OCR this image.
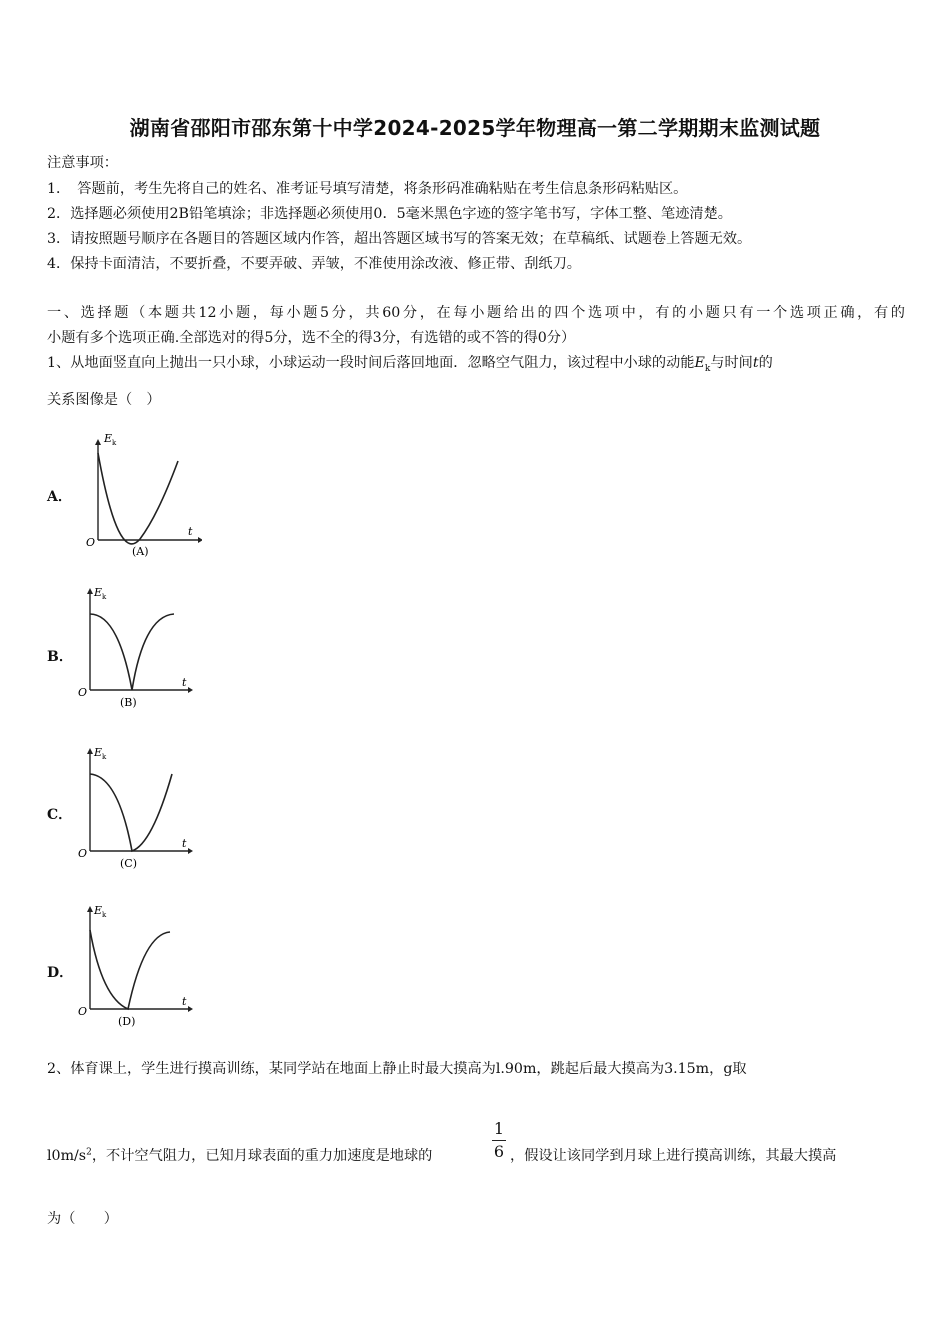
湖南省邵阳市邵东第十中学2024-2025学年物理高一第二学期期末监测试题
注意事项：
1．　答题前，考生先将自己的姓名、准考证号填写清楚，将条形码准确粘贴在考生信息条形码粘贴区。
2．选择题必须使用2B铅笔填涂；非选择题必须使用0．5毫米黑色字迹的签字笔书写，字体工整、笔迹清楚。
3．请按照题号顺序在各题目的答题区域内作答，超出答题区域书写的答案无效；在草稿纸、试题卷上答题无效。
4．保持卡面清洁，不要折叠，不要弄破、弄皱，不准使用涂改液、修正带、刮纸刀。
一、选择题（本题共12小题，每小题5分，共60分，在每小题给出的四个选项中，有的小题只有一个选项正确，有的
小题有多个选项正确.全部选对的得5分，选不全的得3分，有选错的或不答的得0分）
1、从地面竖直向上抛出一只小球，小球运动一段时间后落回地面．忽略空气阻力，该过程中小球的动能$E_k$与时间t的
关系图像是（　）
A．
E k
t
O
(A)
B．
E k
t
O
(B)
C．
E k
t
O
(C)
D．
E k
t
O
(D)
2、体育课上，学生进行摸高训练，某同学站在地面上静止时最大摸高为l.90m，跳起后最大摸高为3.15m，g取
$l0m/s^2$，不计空气阻力，已知月球表面的重力加速度是地球的
1
6 ，假设让该同学到月球上进行摸高训练，其最大摸高
为（　　）
